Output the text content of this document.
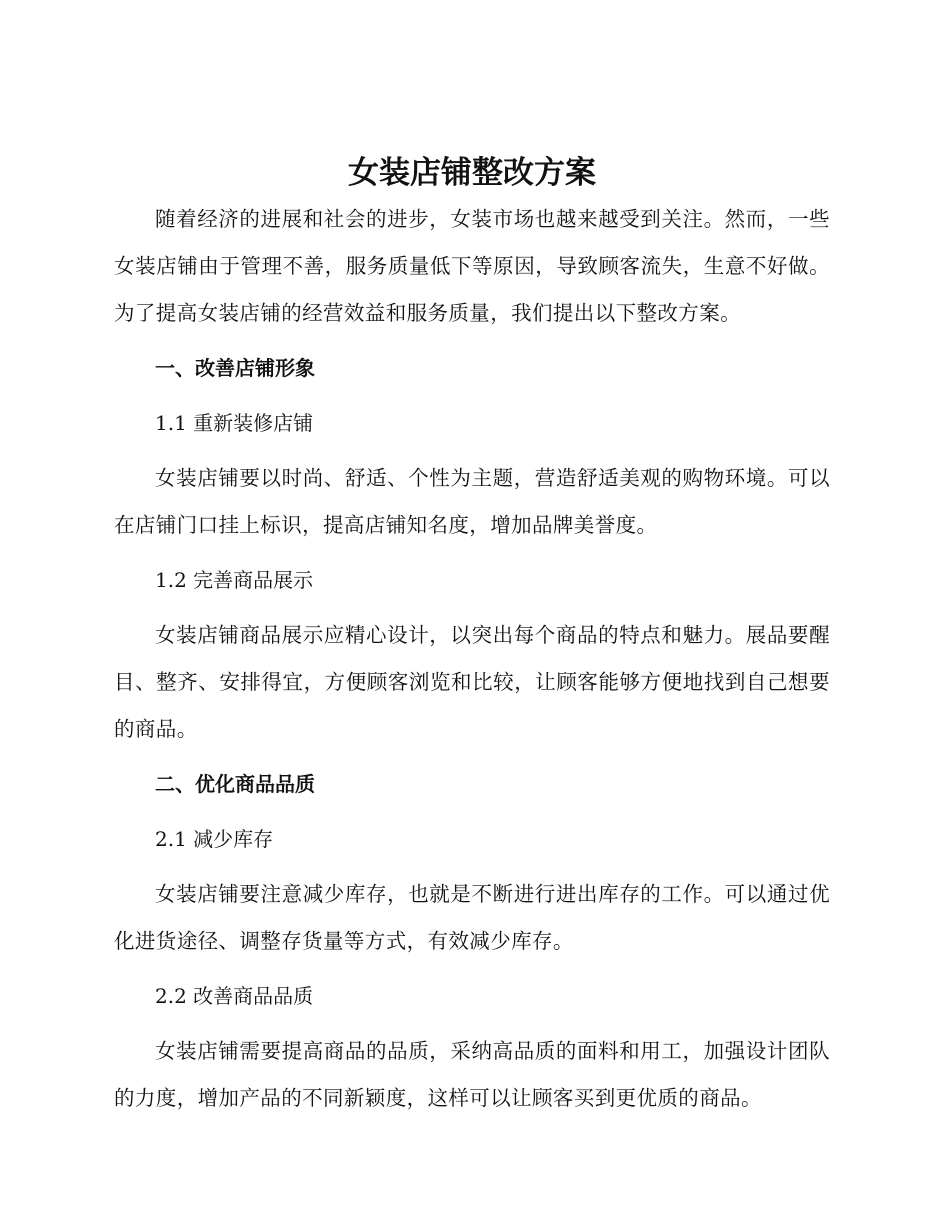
女装店铺整改方案

随着经济的进展和社会的进步，女装市场也越来越受到关注。然而，一些女装店铺由于管理不善，服务质量低下等原因，导致顾客流失，生意不好做。为了提高女装店铺的经营效益和服务质量，我们提出以下整改方案。

一、改善店铺形象

1.1 重新装修店铺

女装店铺要以时尚、舒适、个性为主题，营造舒适美观的购物环境。可以在店铺门口挂上标识，提高店铺知名度，增加品牌美誉度。

1.2 完善商品展示

女装店铺商品展示应精心设计，以突出每个商品的特点和魅力。展品要醒目、整齐、安排得宜，方便顾客浏览和比较，让顾客能够方便地找到自己想要的商品。

二、优化商品品质

2.1 减少库存

女装店铺要注意减少库存，也就是不断进行进出库存的工作。可以通过优化进货途径、调整存货量等方式，有效减少库存。

2.2 改善商品品质

女装店铺需要提高商品的品质，采纳高品质的面料和用工，加强设计团队的力度，增加产品的不同新颖度，这样可以让顾客买到更优质的商品。
